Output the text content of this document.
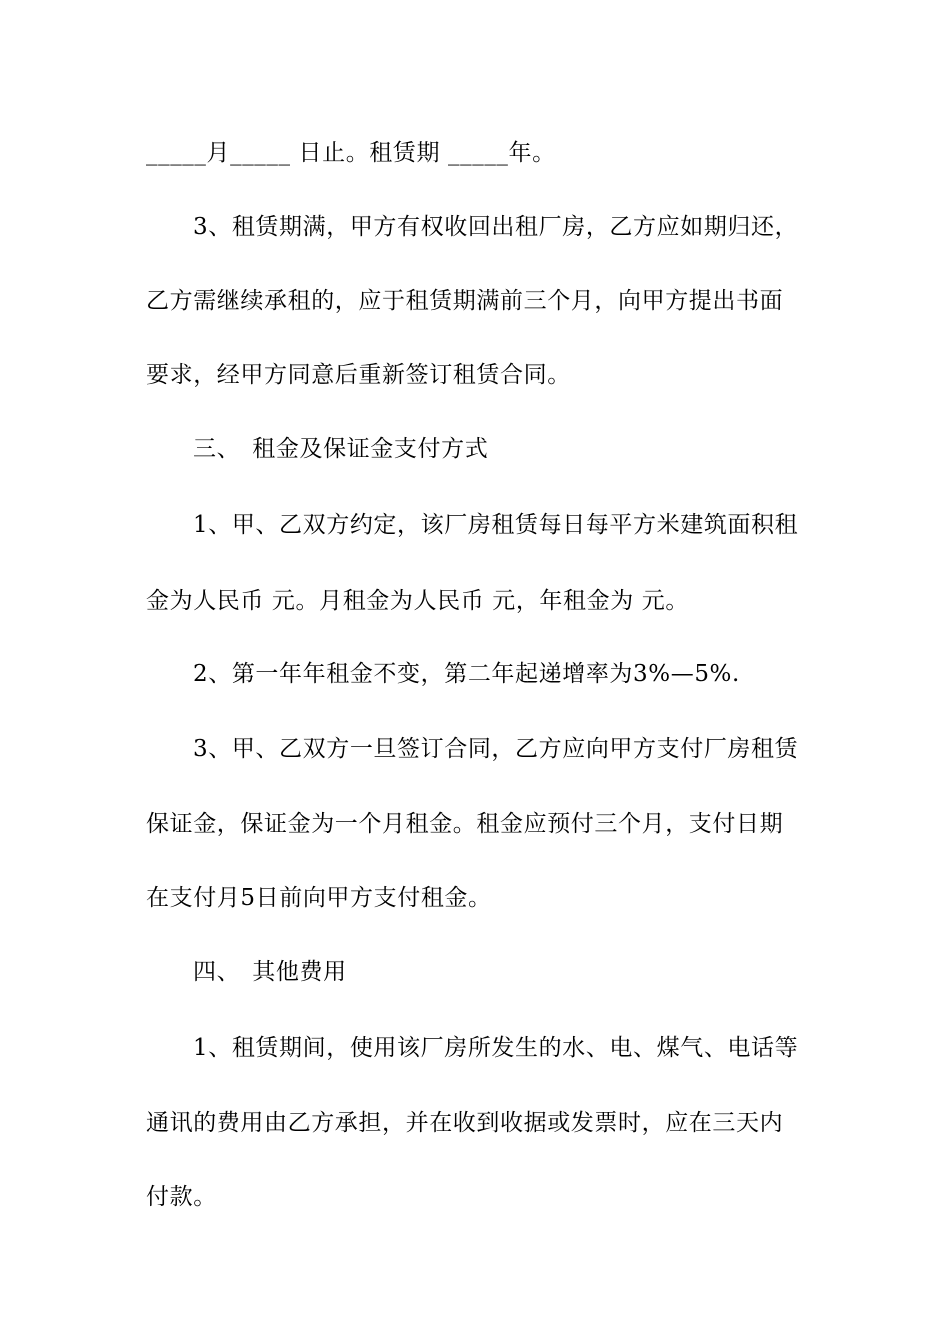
_____月_____ 日止。租赁期 _____年。
3、租赁期满，甲方有权收回出租厂房，乙方应如期归还，
乙方需继续承租的，应于租赁期满前三个月，向甲方提出书面
要求，经甲方同意后重新签订租赁合同。
三、　租金及保证金支付方式
1、甲、乙双方约定，该厂房租赁每日每平方米建筑面积租
金为人民币 元。月租金为人民币 元，年租金为 元。
2、第一年年租金不变，第二年起递增率为3%—5%.
3、甲、乙双方一旦签订合同，乙方应向甲方支付厂房租赁
保证金，保证金为一个月租金。租金应预付三个月，支付日期
在支付月5日前向甲方支付租金。
四、　其他费用
1、租赁期间，使用该厂房所发生的水、电、煤气、电话等
通讯的费用由乙方承担，并在收到收据或发票时，应在三天内
付款。
